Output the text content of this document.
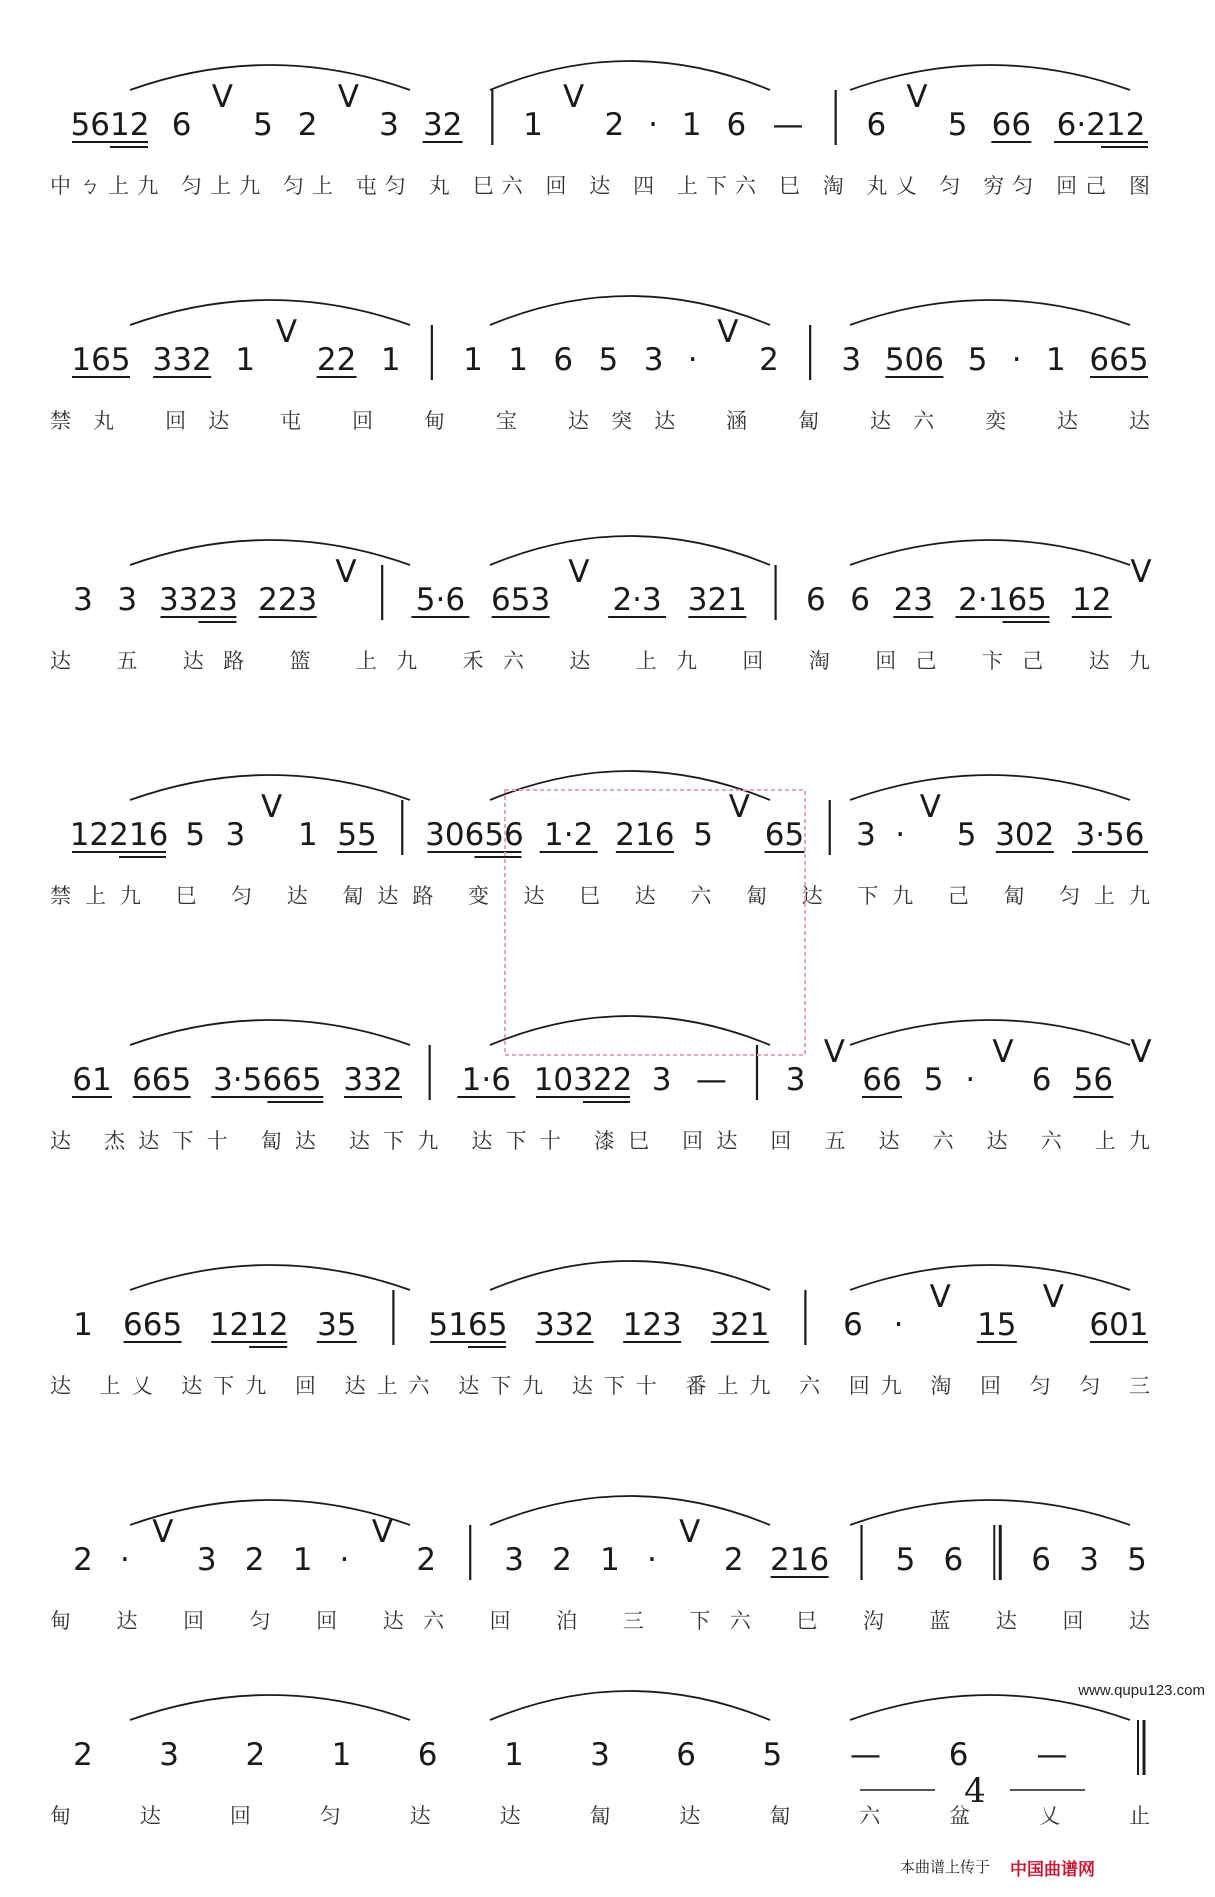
5612 6
V
5 2
V
3 32 1
V
2 · 1 6 — 6
V
5 66 6·212
中ㄅ上九 匀上九 匀上 屯匀 丸 巳六 回 达 四 上下六 巳 淘 丸乂 匀 穷匀 回己 图
165 332 1
V
22 1 1 1 6 5 3 ·
V
2 3 506 5 · 1 665
禁丸 回达 屯 回 甸 宝 达突达 涵 匐 达六 奕 达 达
3 3 3323 223
V
5·6 653
V
2·3 321 6 6 23 2·165 12
V
达 五 达路 篮 上九 禾六 达 上九 回 淘 回己 卞己 达九
12216 5 3
V
1 55 30656 1·2 216 5
V
65 3 ·
V
5 302 3·56
禁上九 巳 匀 达 匐达路 变 达 巳 达 六 匐 达 下九 己 匐 匀上九
61 665 3·5665 332 1·6 10322 3 — 3
V
66 5 ·
V
6 56
V
达 杰达下十 匐达 达下九 达下十 漆巳 回达 回 五 达 六 达 六 上九
1 665 1212 35 5165 332 123 321 6 ·
V
15
V
601
达 上乂 达下九 回 达上六 达下九 达下十 番上九 六 回九 淘 回 匀 匀 三
2 ·
V
3 2 1 ·
V
2 3 2 1 ·
V
2 216 5 6 6 3 5
甸 达 回 匀 回 达六 回 泊 三 下六 巳 沟 蓝 达 回 达
2 3 2 1 6 1 3 6 5 — 6 —
甸 达 回 匀 达 达 匐 达 匐 六 盆 乂 止
4
本曲谱上传于 中国曲谱网
www.qupu123.com
